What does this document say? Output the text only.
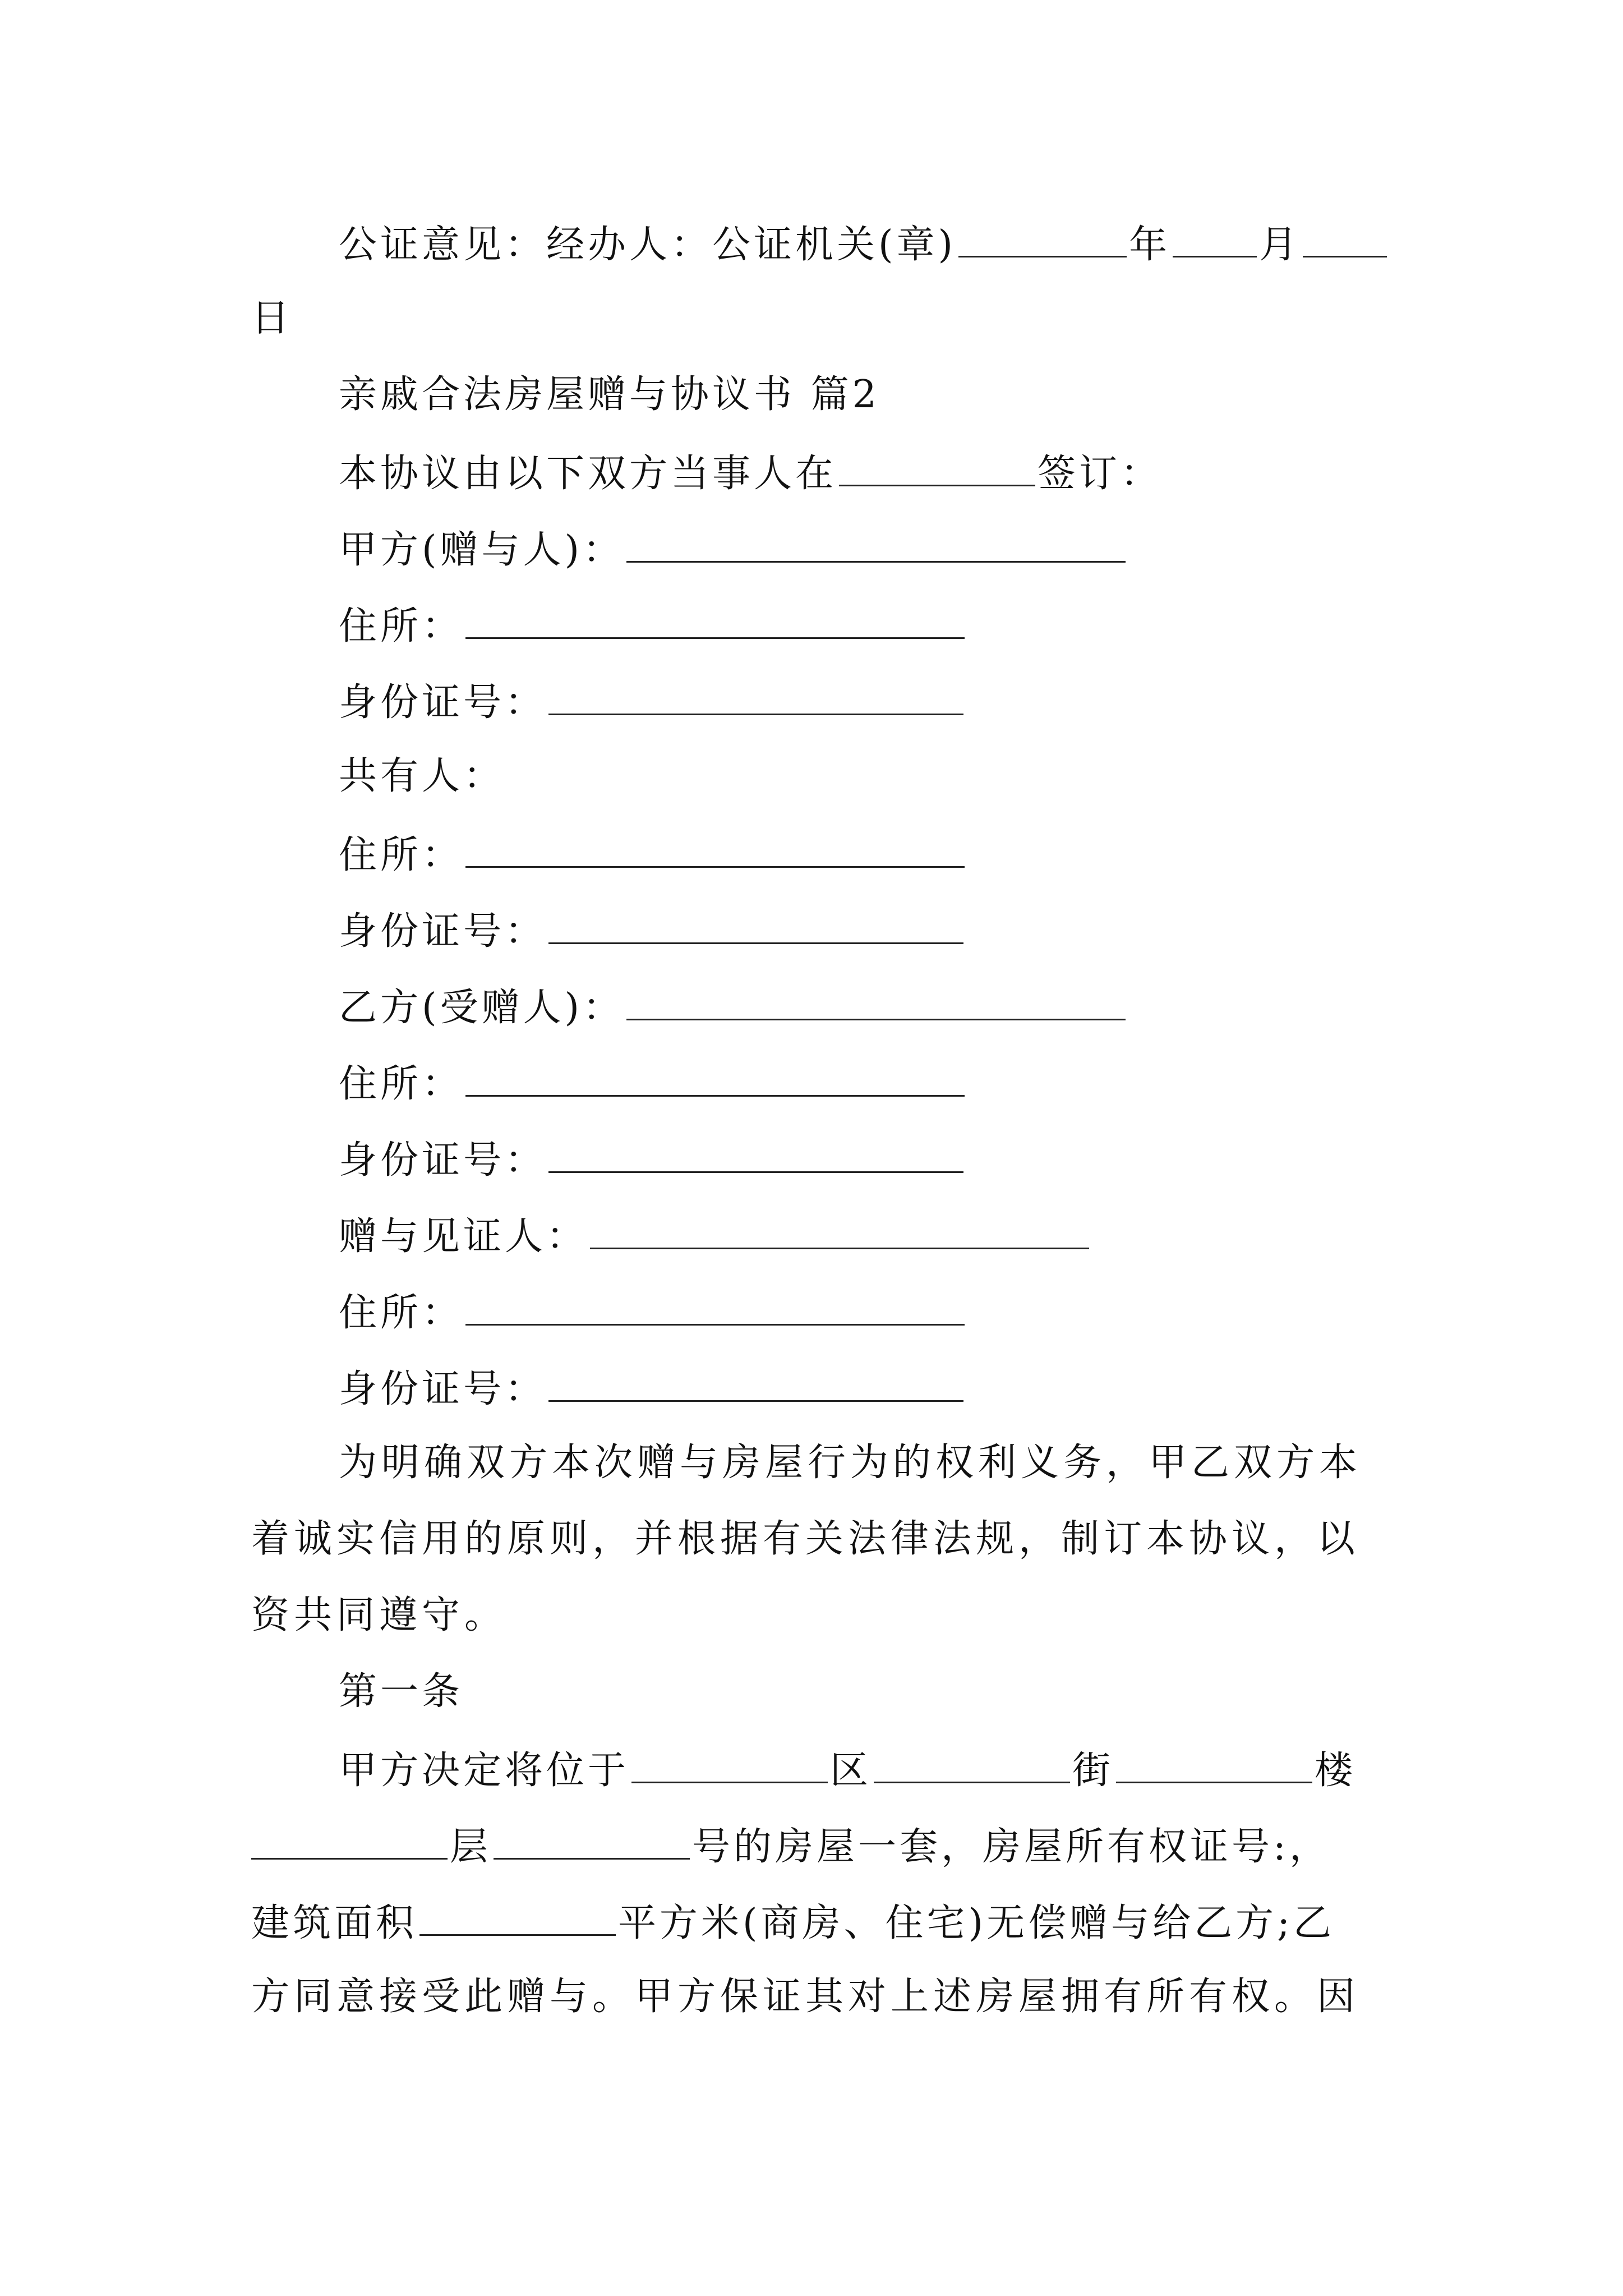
公证意见：经办人：公证机关(章)	年 月
日
亲戚合法房屋赠与协议书 篇2
本协议由以下双方当事人在	签订：
甲方(赠与人)：
住所：
身份证号：
共有人：
住所：
身份证号：
乙方(受赠人)：
住所：
身份证号：
赠与见证人：
住所：
身份证号：
为明确双方本次赠与房屋行为的权利义务，甲乙双方本
着诚实信用的原则，并根据有关法律法规，制订本协议，以
资共同遵守。
第一条
甲方决定将位于	区	街	楼
层	号的房屋一套，房屋所有权证号:，
建筑面积	平方米(商房、住宅)无偿赠与给乙方;乙
方同意接受此赠与。甲方保证其对上述房屋拥有所有权。因
